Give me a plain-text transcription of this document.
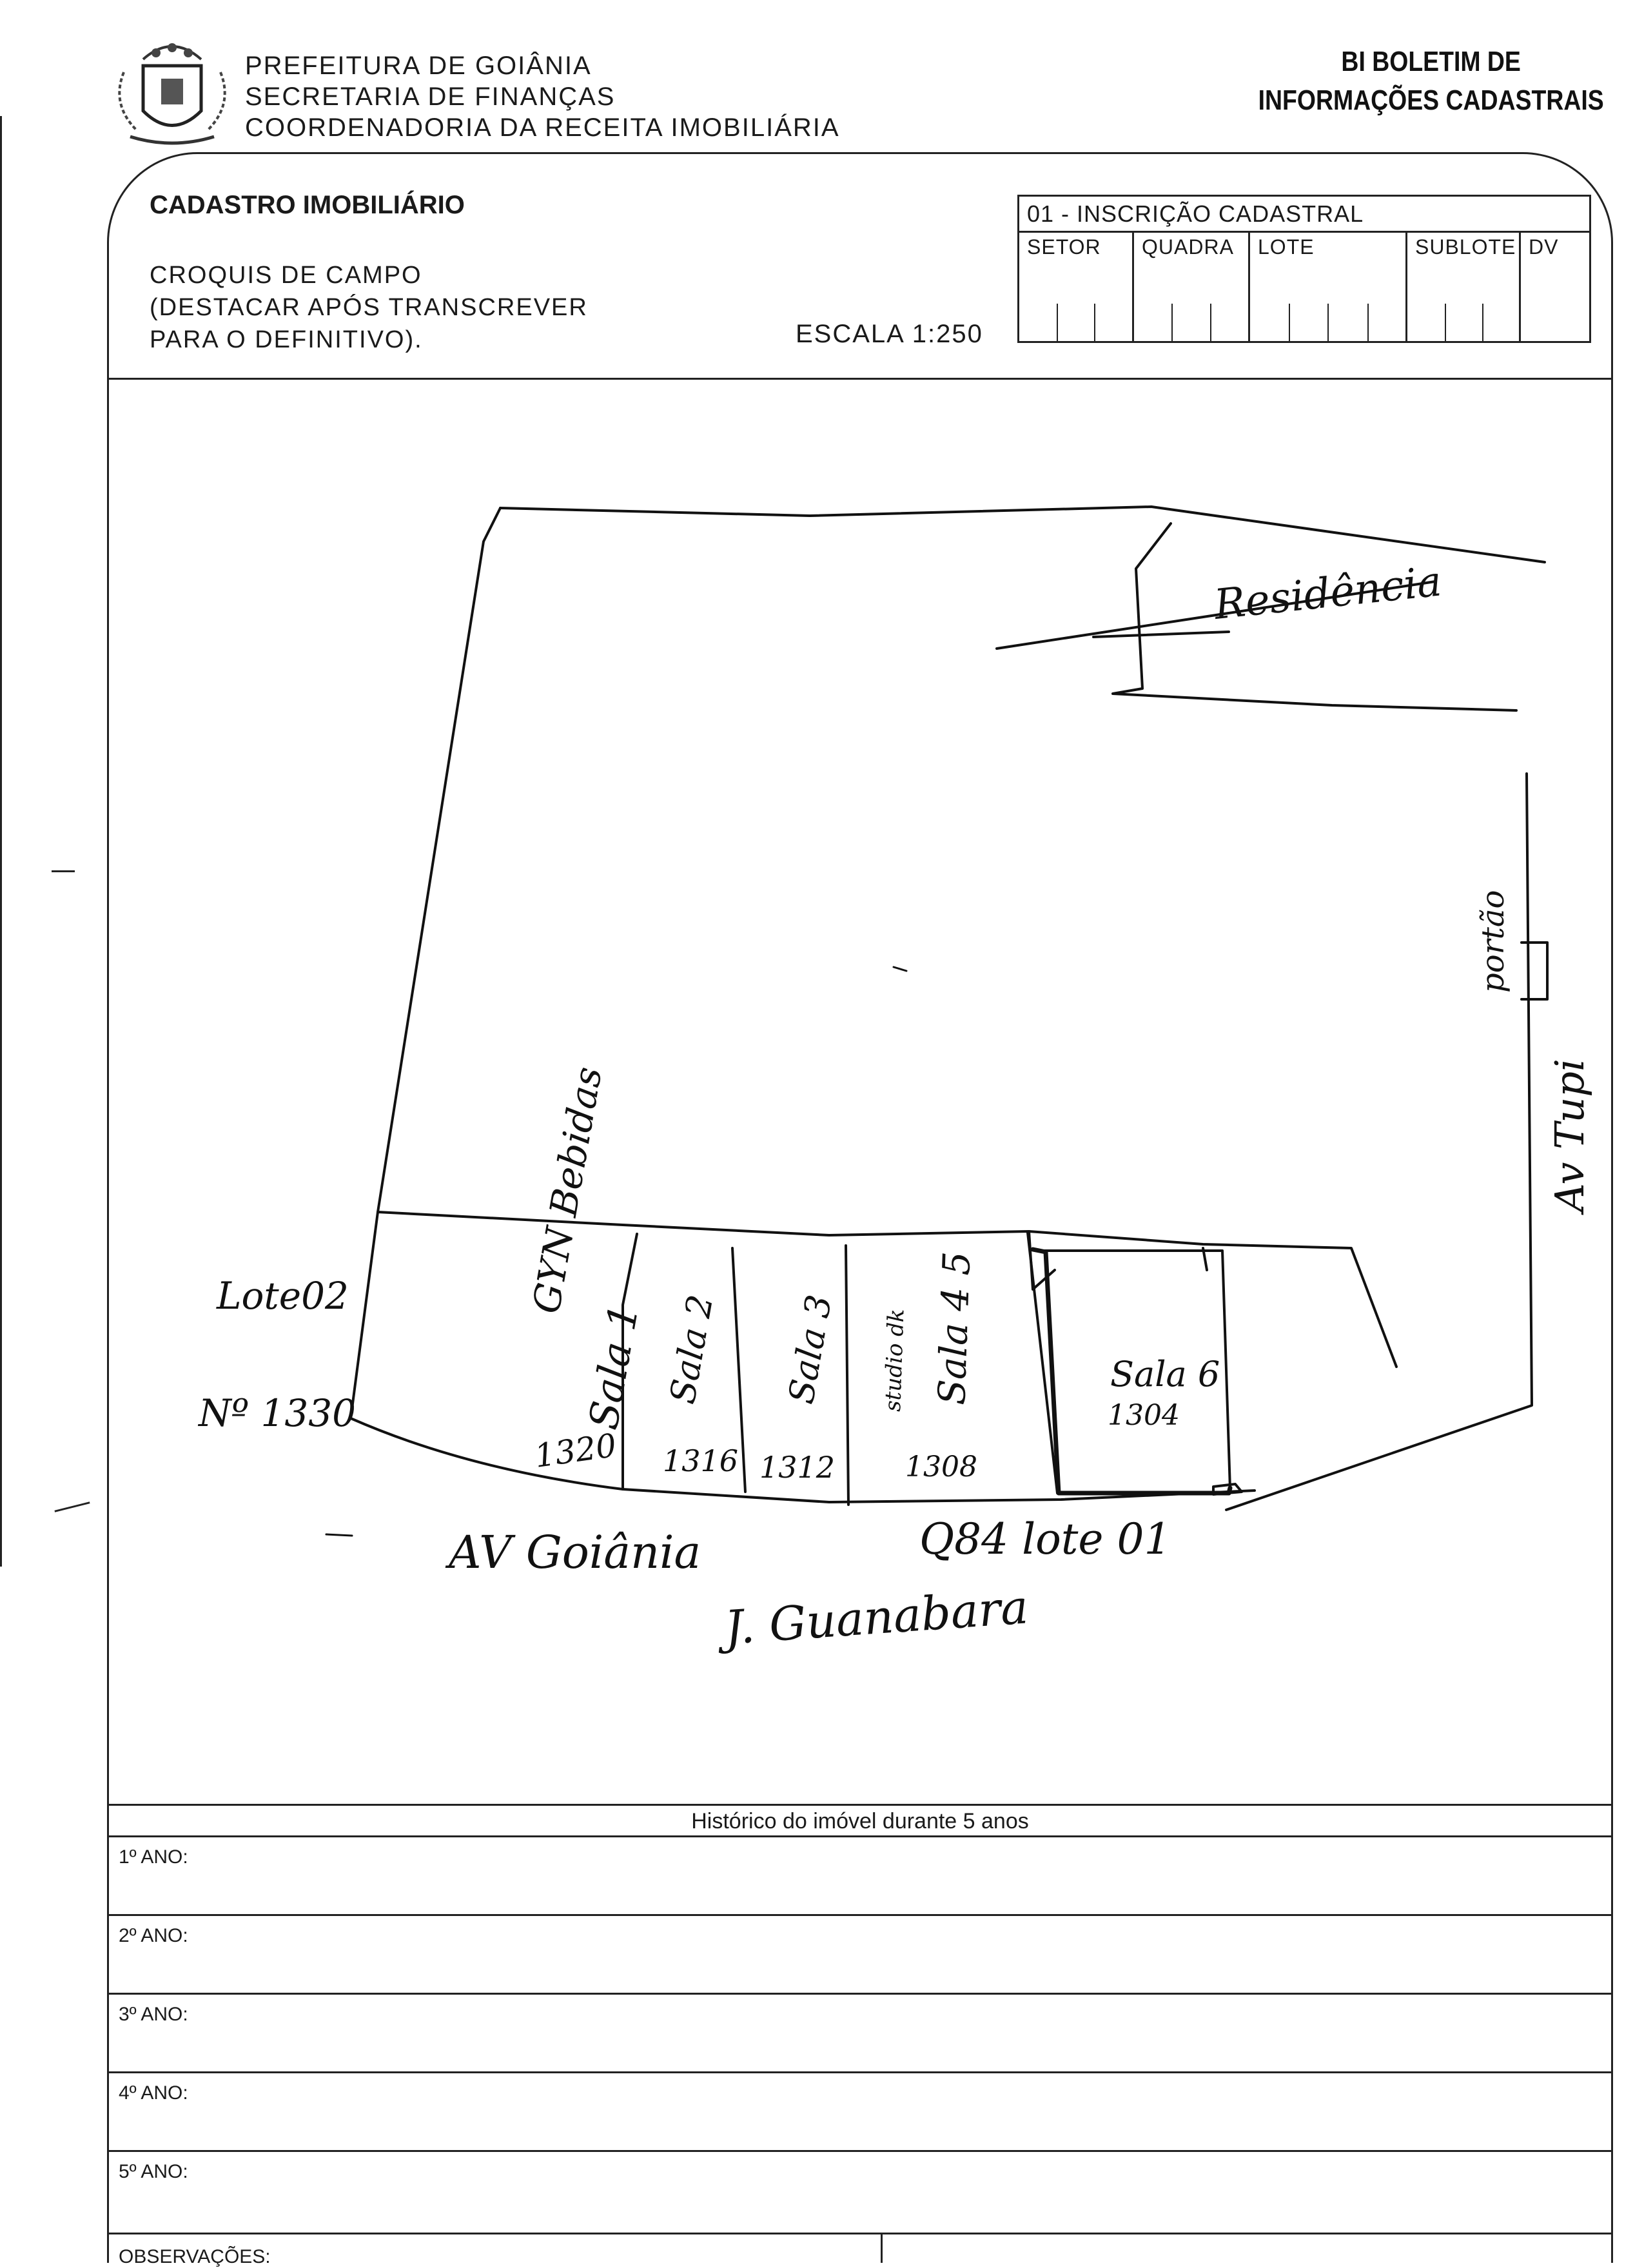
PREFEITURA DE GOIÂNIA
SECRETARIA DE FINANÇAS
COORDENADORIA DA RECEITA IMOBILIÁRIA
BI BOLETIM DE
INFORMAÇÕES CADASTRAIS
CADASTRO IMOBILIÁRIO
CROQUIS DE CAMPO
(DESTACAR APÓS TRANSCREVER
PARA O DEFINITIVO).	ESCALA 1:250
01 - INSCRIÇÃO CADASTRAL
SETOR	QUADRA	LOTE	SUBLOTE DV
Residência
portão
Av Tupi
Lote02
Nº 1330
GYN Bebidas
Sala 1
1320
Sala 2
1316
Sala 3
1312
studio dk Sala 4 5
1308
Sala 6
1304
AV Goiânia	Q84 lote 01
J. Guanabara
Histórico do imóvel durante 5 anos
1º ANO:
2º ANO:
3º ANO:
4º ANO:
5º ANO:
OBSERVAÇÕES:
